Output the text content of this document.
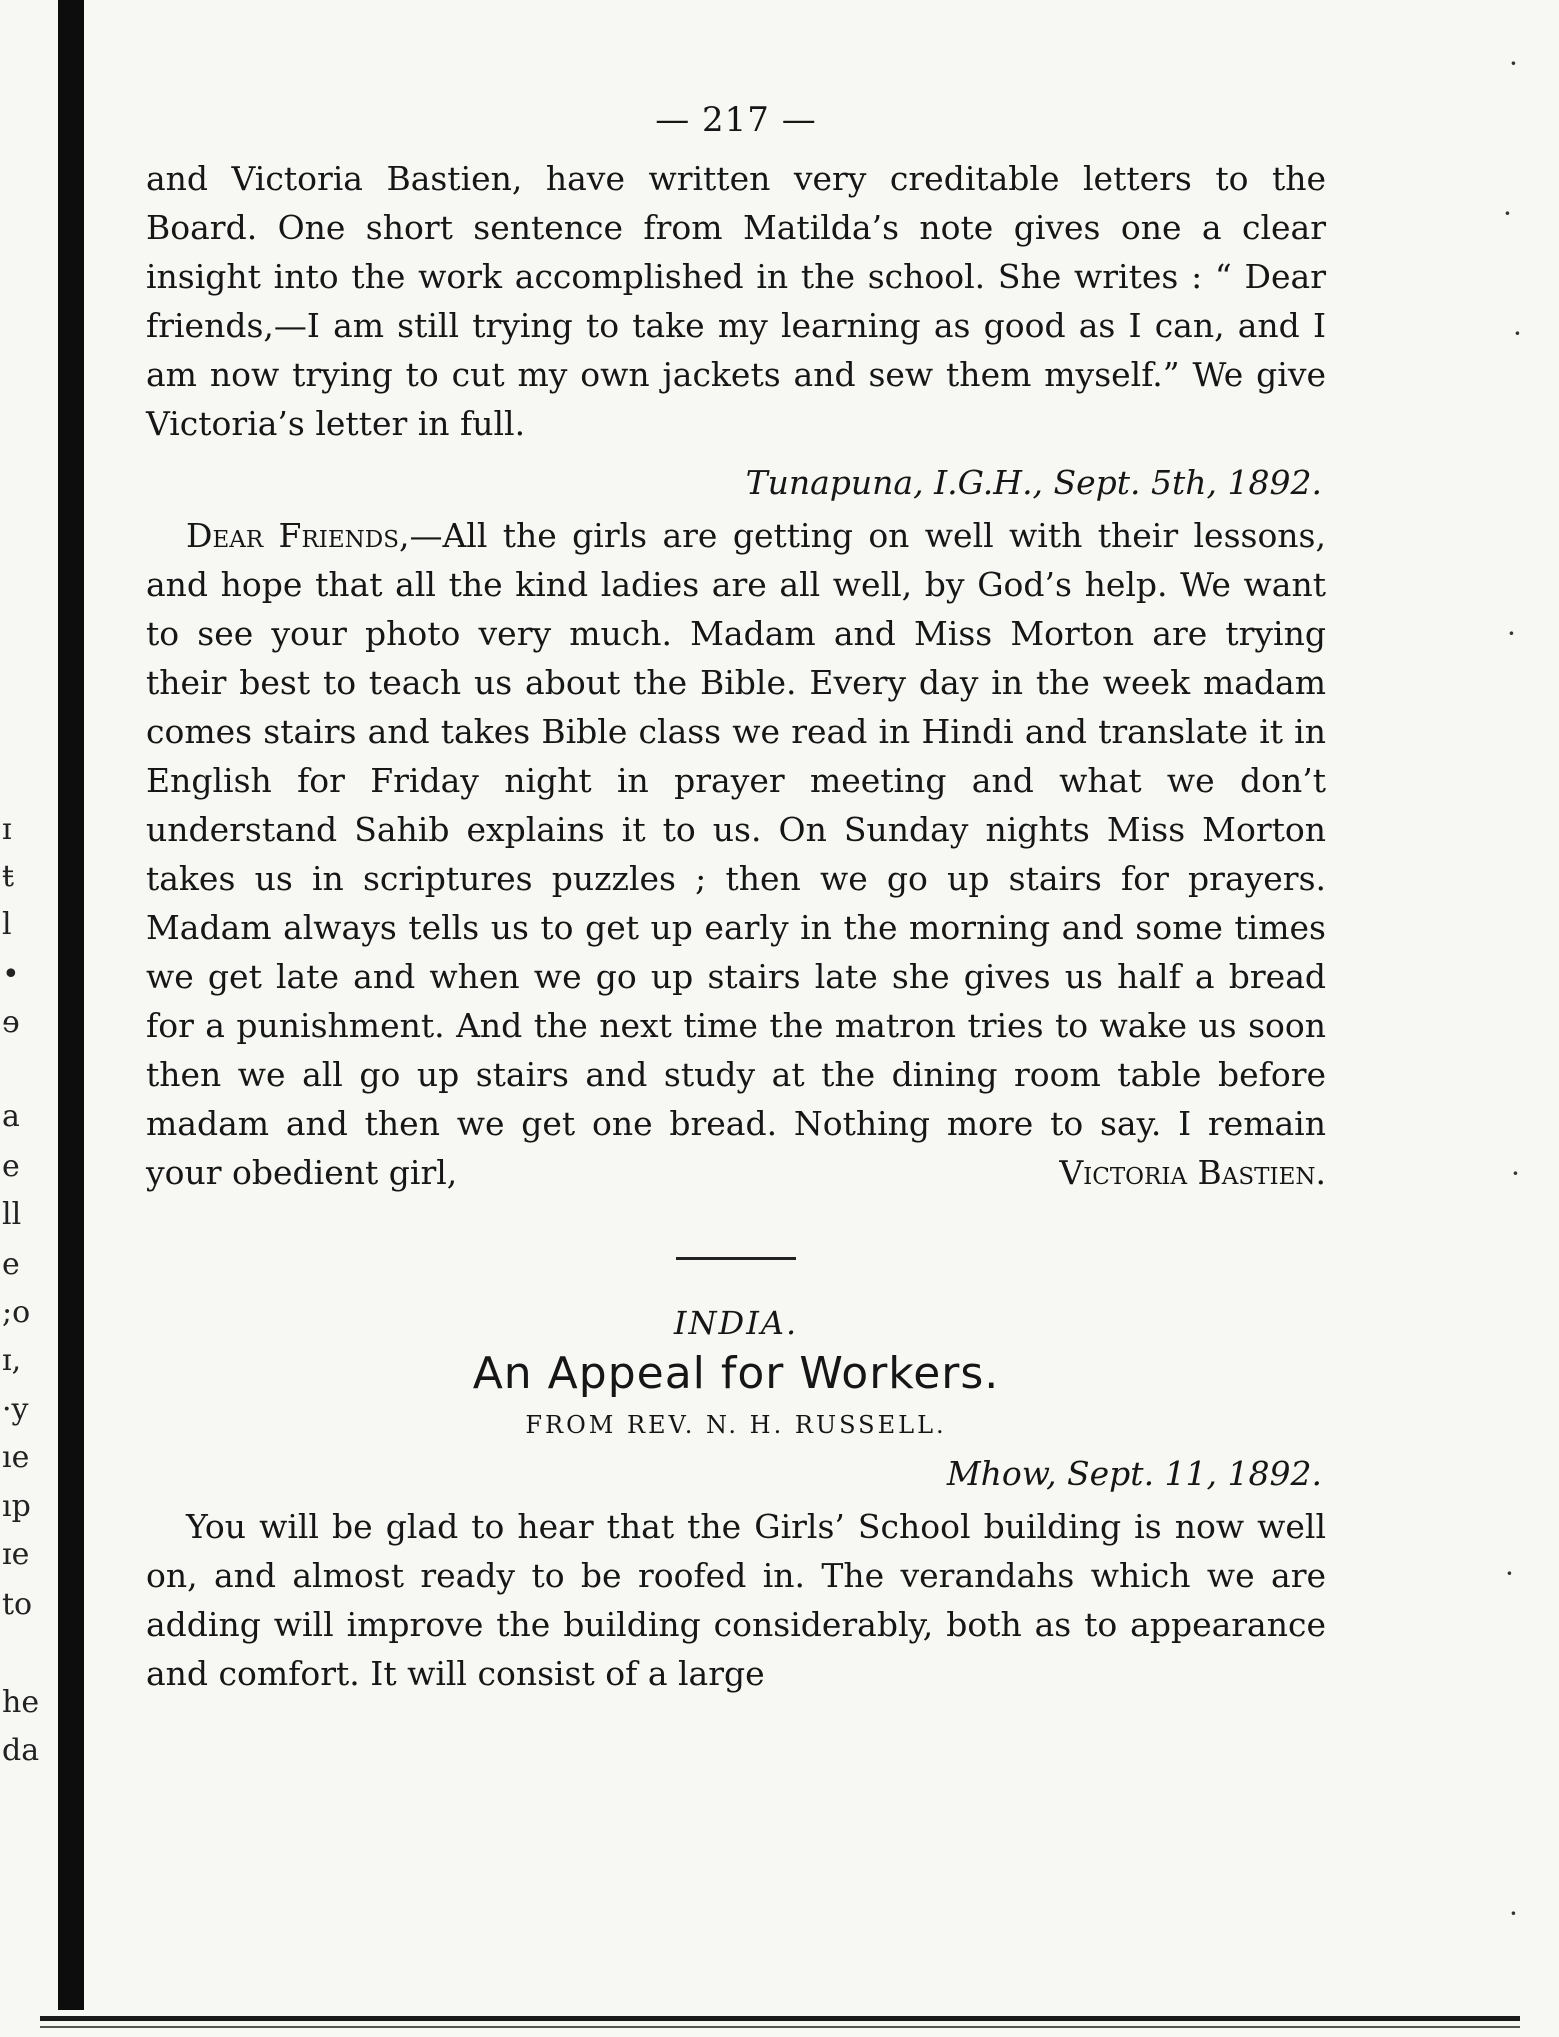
ɪ
ŧ
l
•
ɘ
a
e
ll
e
;o
ɪ,
·y
ıe
ıp
ɪe
to
he
da
·
·
·
·
·
·
·
— 217 —

and Victoria Bastien, have written very creditable letters to the Board. One short sentence from Matilda’s note gives one a clear insight into the work accomplished in the school. She writes : “ Dear friends,—I am still trying to take my learning as good as I can, and I am now trying to cut my own jackets and sew them myself.” We give Victoria’s letter in full.

Tunapuna, I.G.H., Sept. 5th, 1892.

Dear Friends,—All the girls are getting on well with their lessons, and hope that all the kind ladies are all well, by God’s help. We want to see your photo very much. Madam and Miss Morton are trying their best to teach us about the Bible. Every day in the week madam comes stairs and takes Bible class we read in Hindi and translate it in English for Friday night in prayer meeting and what we don’t understand Sahib explains it to us. On Sunday nights Miss Morton takes us in scriptures puzzles ; then we go up stairs for prayers. Madam always tells us to get up early in the morning and some times we get late and when we go up stairs late she gives us half a bread for a punishment. And the next time the matron tries to wake us soon then we all go up stairs and study at the dining room table before madam and then we get one bread. Nothing more to say. I remain your obedient girl,	Victoria Bastien.

INDIA.
An Appeal for Workers.
FROM REV. N. H. RUSSELL.
Mhow, Sept. 11, 1892.

You will be glad to hear that the Girls’ School building is now well on, and almost ready to be roofed in. The verandahs which we are adding will improve the building considerably, both as to appearance and comfort. It will consist of a large
